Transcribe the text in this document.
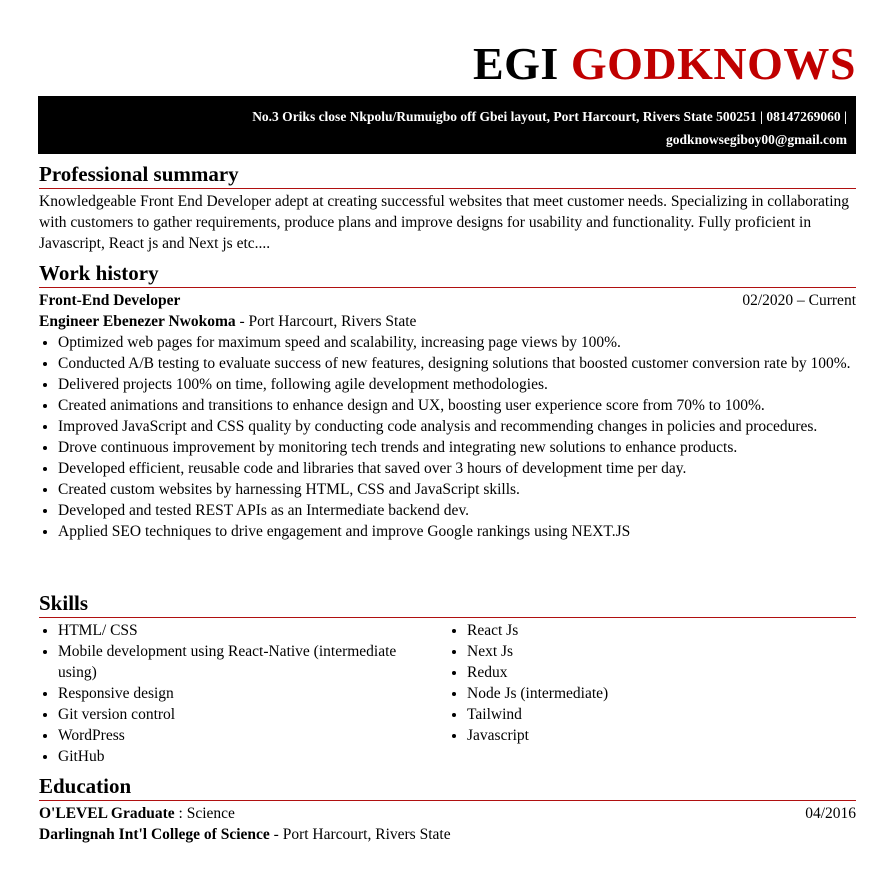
EGI GODKNOWS
No.3 Oriks close Nkpolu/Rumuigbo off Gbei layout, Port Harcourt, Rivers State 500251 | 08147269060 |
godknowsegiboy00@gmail.com
Professional summary
Knowledgeable Front End Developer adept at creating successful websites that meet customer needs. Specializing in collaborating with customers to gather requirements, produce plans and improve designs for usability and functionality. Fully proficient in Javascript, React js and Next js etc....
Work history
Front-End Developer	02/2020 – Current
Engineer Ebenezer Nwokoma - Port Harcourt, Rivers State
• Optimized web pages for maximum speed and scalability, increasing page views by 100%.
• Conducted A/B testing to evaluate success of new features, designing solutions that boosted customer conversion rate by 100%.
• Delivered projects 100% on time, following agile development methodologies.
• Created animations and transitions to enhance design and UX, boosting user experience score from 70% to 100%.
• Improved JavaScript and CSS quality by conducting code analysis and recommending changes in policies and procedures.
• Drove continuous improvement by monitoring tech trends and integrating new solutions to enhance products.
• Developed efficient, reusable code and libraries that saved over 3 hours of development time per day.
• Created custom websites by harnessing HTML, CSS and JavaScript skills.
• Developed and tested REST APIs as an Intermediate backend dev.
• Applied SEO techniques to drive engagement and improve Google rankings using NEXT.JS
Skills
• HTML/ CSS
• Mobile development using React-Native (intermediate using)
• Responsive design
• Git version control
• WordPress
• GitHub
• React Js
• Next Js
• Redux
• Node Js (intermediate)
• Tailwind
• Javascript
Education
O'LEVEL Graduate : Science	04/2016
Darlingnah Int'l College of Science - Port Harcourt, Rivers State
